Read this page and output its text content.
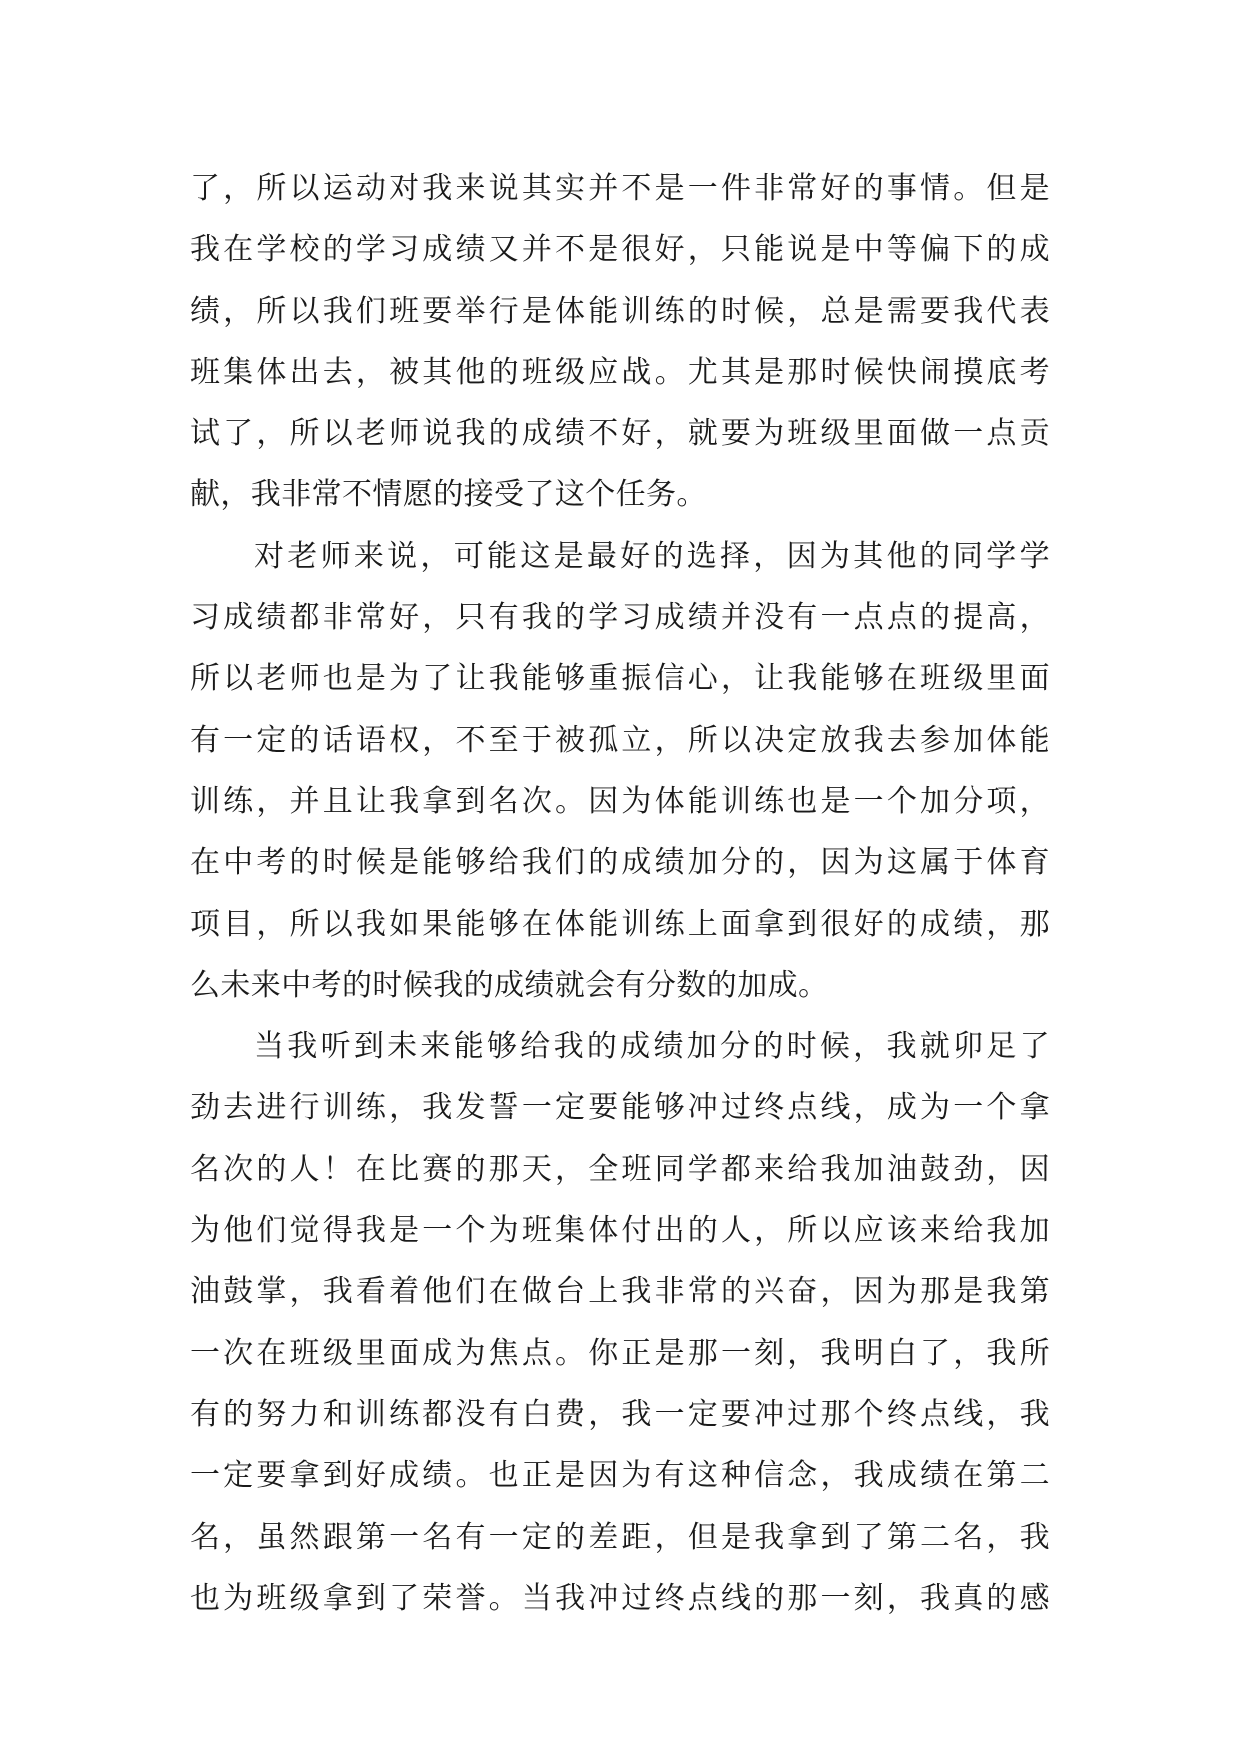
了，所以运动对我来说其实并不是一件非常好的事情。但是
我在学校的学习成绩又并不是很好，只能说是中等偏下的成
绩，所以我们班要举行是体能训练的时候，总是需要我代表
班集体出去，被其他的班级应战。尤其是那时候快闹摸底考
试了，所以老师说我的成绩不好，就要为班级里面做一点贡
献，我非常不情愿的接受了这个任务。
对老师来说，可能这是最好的选择，因为其他的同学学
习成绩都非常好，只有我的学习成绩并没有一点点的提高，
所以老师也是为了让我能够重振信心，让我能够在班级里面
有一定的话语权，不至于被孤立，所以决定放我去参加体能
训练，并且让我拿到名次。因为体能训练也是一个加分项，
在中考的时候是能够给我们的成绩加分的，因为这属于体育
项目，所以我如果能够在体能训练上面拿到很好的成绩，那
么未来中考的时候我的成绩就会有分数的加成。
当我听到未来能够给我的成绩加分的时候，我就卯足了
劲去进行训练，我发誓一定要能够冲过终点线，成为一个拿
名次的人！在比赛的那天，全班同学都来给我加油鼓劲，因
为他们觉得我是一个为班集体付出的人，所以应该来给我加
油鼓掌，我看着他们在做台上我非常的兴奋，因为那是我第
一次在班级里面成为焦点。你正是那一刻，我明白了，我所
有的努力和训练都没有白费，我一定要冲过那个终点线，我
一定要拿到好成绩。也正是因为有这种信念，我成绩在第二
名，虽然跟第一名有一定的差距，但是我拿到了第二名，我
也为班级拿到了荣誉。当我冲过终点线的那一刻，我真的感
